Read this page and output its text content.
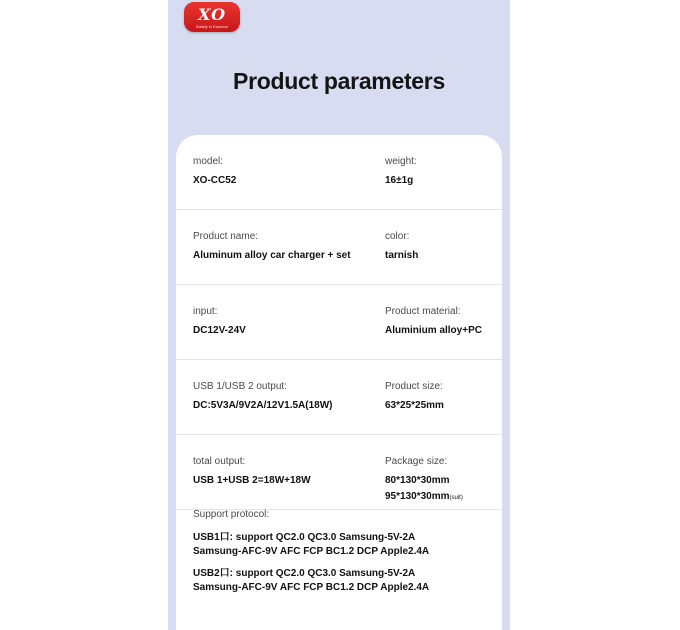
XO
Satisfy in Essence
Product parameters
model:
XO-CC52
weight:
16±1g
Product name:
Aluminum alloy car charger + set
color:
tarnish
input:
DC12V-24V
Product material:
Aluminium alloy+PC
USB 1/USB 2 output:
DC:5V3A/9V2A/12V1.5A(18W)
Product size:
63*25*25mm
total output:
USB 1+USB 2=18W+18W
Package size:
80*130*30mm
95*130*30mm(suit)
Support protocol:
USB1口: support QC2.0 QC3.0 Samsung-5V-2A
Samsung-AFC-9V AFC FCP BC1.2 DCP Apple2.4A
USB2口: support QC2.0 QC3.0 Samsung-5V-2A
Samsung-AFC-9V AFC FCP BC1.2 DCP Apple2.4A
